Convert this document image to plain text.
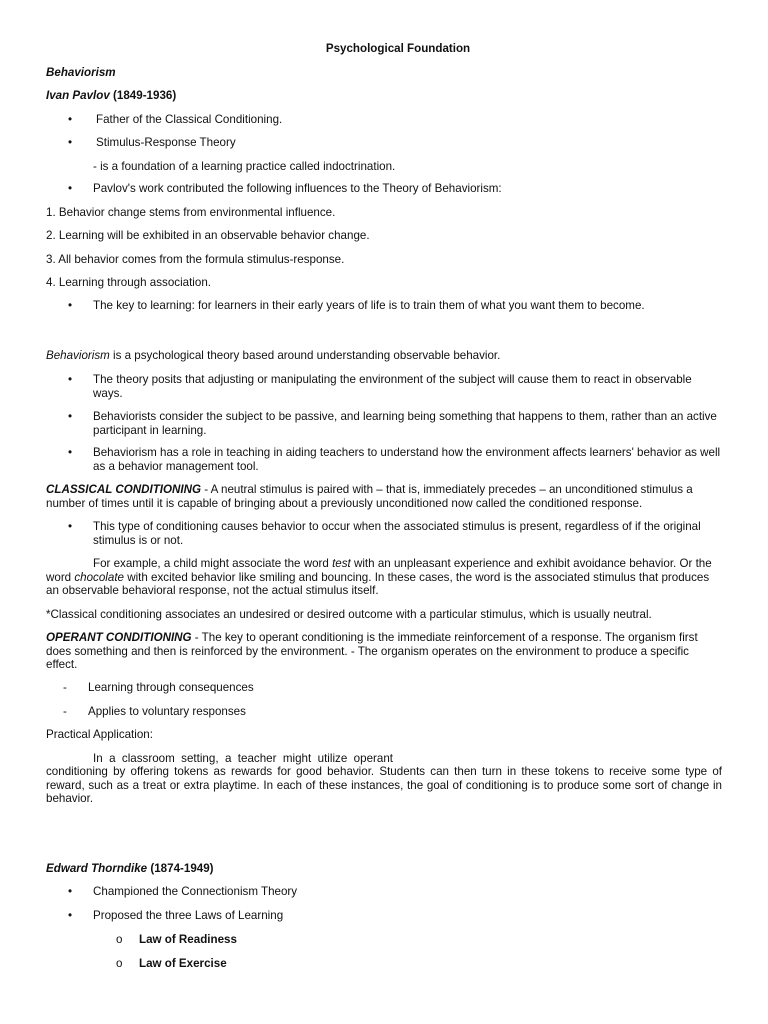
Psychological Foundation
Behaviorism
Ivan Pavlov (1849-1936)
•	Father of the Classical Conditioning.
•	Stimulus-Response Theory
- is a foundation of a learning practice called indoctrination.
•	Pavlov's work contributed the following influences to the Theory of Behaviorism:
1. Behavior change stems from environmental influence.
2. Learning will be exhibited in an observable behavior change.
3. All behavior comes from the formula stimulus-response.
4. Learning through association.
•	The key to learning: for learners in their early years of life is to train them of what you want them to become.
Behaviorism is a psychological theory based around understanding observable behavior.
•	The theory posits that adjusting or manipulating the environment of the subject will cause them to react in observable ways.
•	Behaviorists consider the subject to be passive, and learning being something that happens to them, rather than an active participant in learning.
•	Behaviorism has a role in teaching in aiding teachers to understand how the environment affects learners' behavior as well as a behavior management tool.
CLASSICAL CONDITIONING - A neutral stimulus is paired with – that is, immediately precedes – an unconditioned stimulus a number of times until it is capable of bringing about a previously unconditioned now called the conditioned response.
•	This type of conditioning causes behavior to occur when the associated stimulus is present, regardless of if the original stimulus is or not.
For example, a child might associate the word test with an unpleasant experience and exhibit avoidance behavior. Or the word chocolate with excited behavior like smiling and bouncing. In these cases, the word is the associated stimulus that produces an observable behavioral response, not the actual stimulus itself.
*Classical conditioning associates an undesired or desired outcome with a particular stimulus, which is usually neutral.
OPERANT CONDITIONING - The key to operant conditioning is the immediate reinforcement of a response. The organism first does something and then is reinforced by the environment. - The organism operates on the environment to produce a specific effect.
- Learning through consequences
- Applies to voluntary responses
Practical Application:
In a classroom setting, a teacher might utilize operant
conditioning by offering tokens as rewards for good behavior. Students can then turn in these tokens to receive some type of reward, such as a treat or extra playtime. In each of these instances, the goal of conditioning is to produce some sort of change in behavior.
Edward Thorndike (1874-1949)
•	Championed the Connectionism Theory
•	Proposed the three Laws of Learning
o Law of Readiness
o Law of Exercise
